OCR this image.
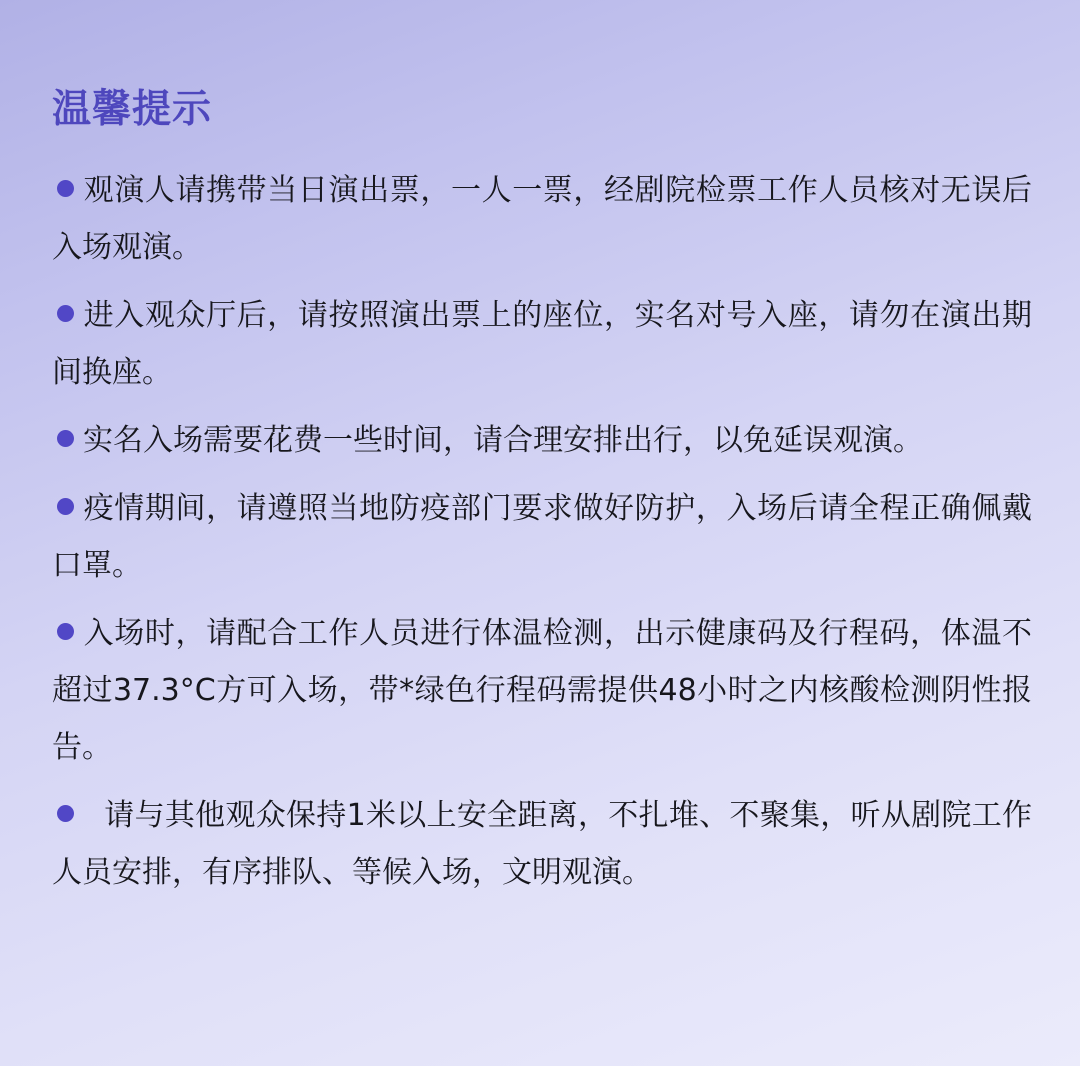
温馨提示
观演人请携带当日演出票，一人一票，经剧院检票工作人员核对无误后入场观演。
进入观众厅后，请按照演出票上的座位，实名对号入座，请勿在演出期间换座。
实名入场需要花费一些时间，请合理安排出行，以免延误观演。
疫情期间，请遵照当地防疫部门要求做好防护，入场后请全程正确佩戴口罩。
入场时，请配合工作人员进行体温检测，出示健康码及行程码，体温不超过37.3°C方可入场，带*绿色行程码需提供48小时之内核酸检测阴性报告。
请与其他观众保持1米以上安全距离，不扎堆、不聚集，听从剧院工作人员安排，有序排队、等候入场，文明观演。
